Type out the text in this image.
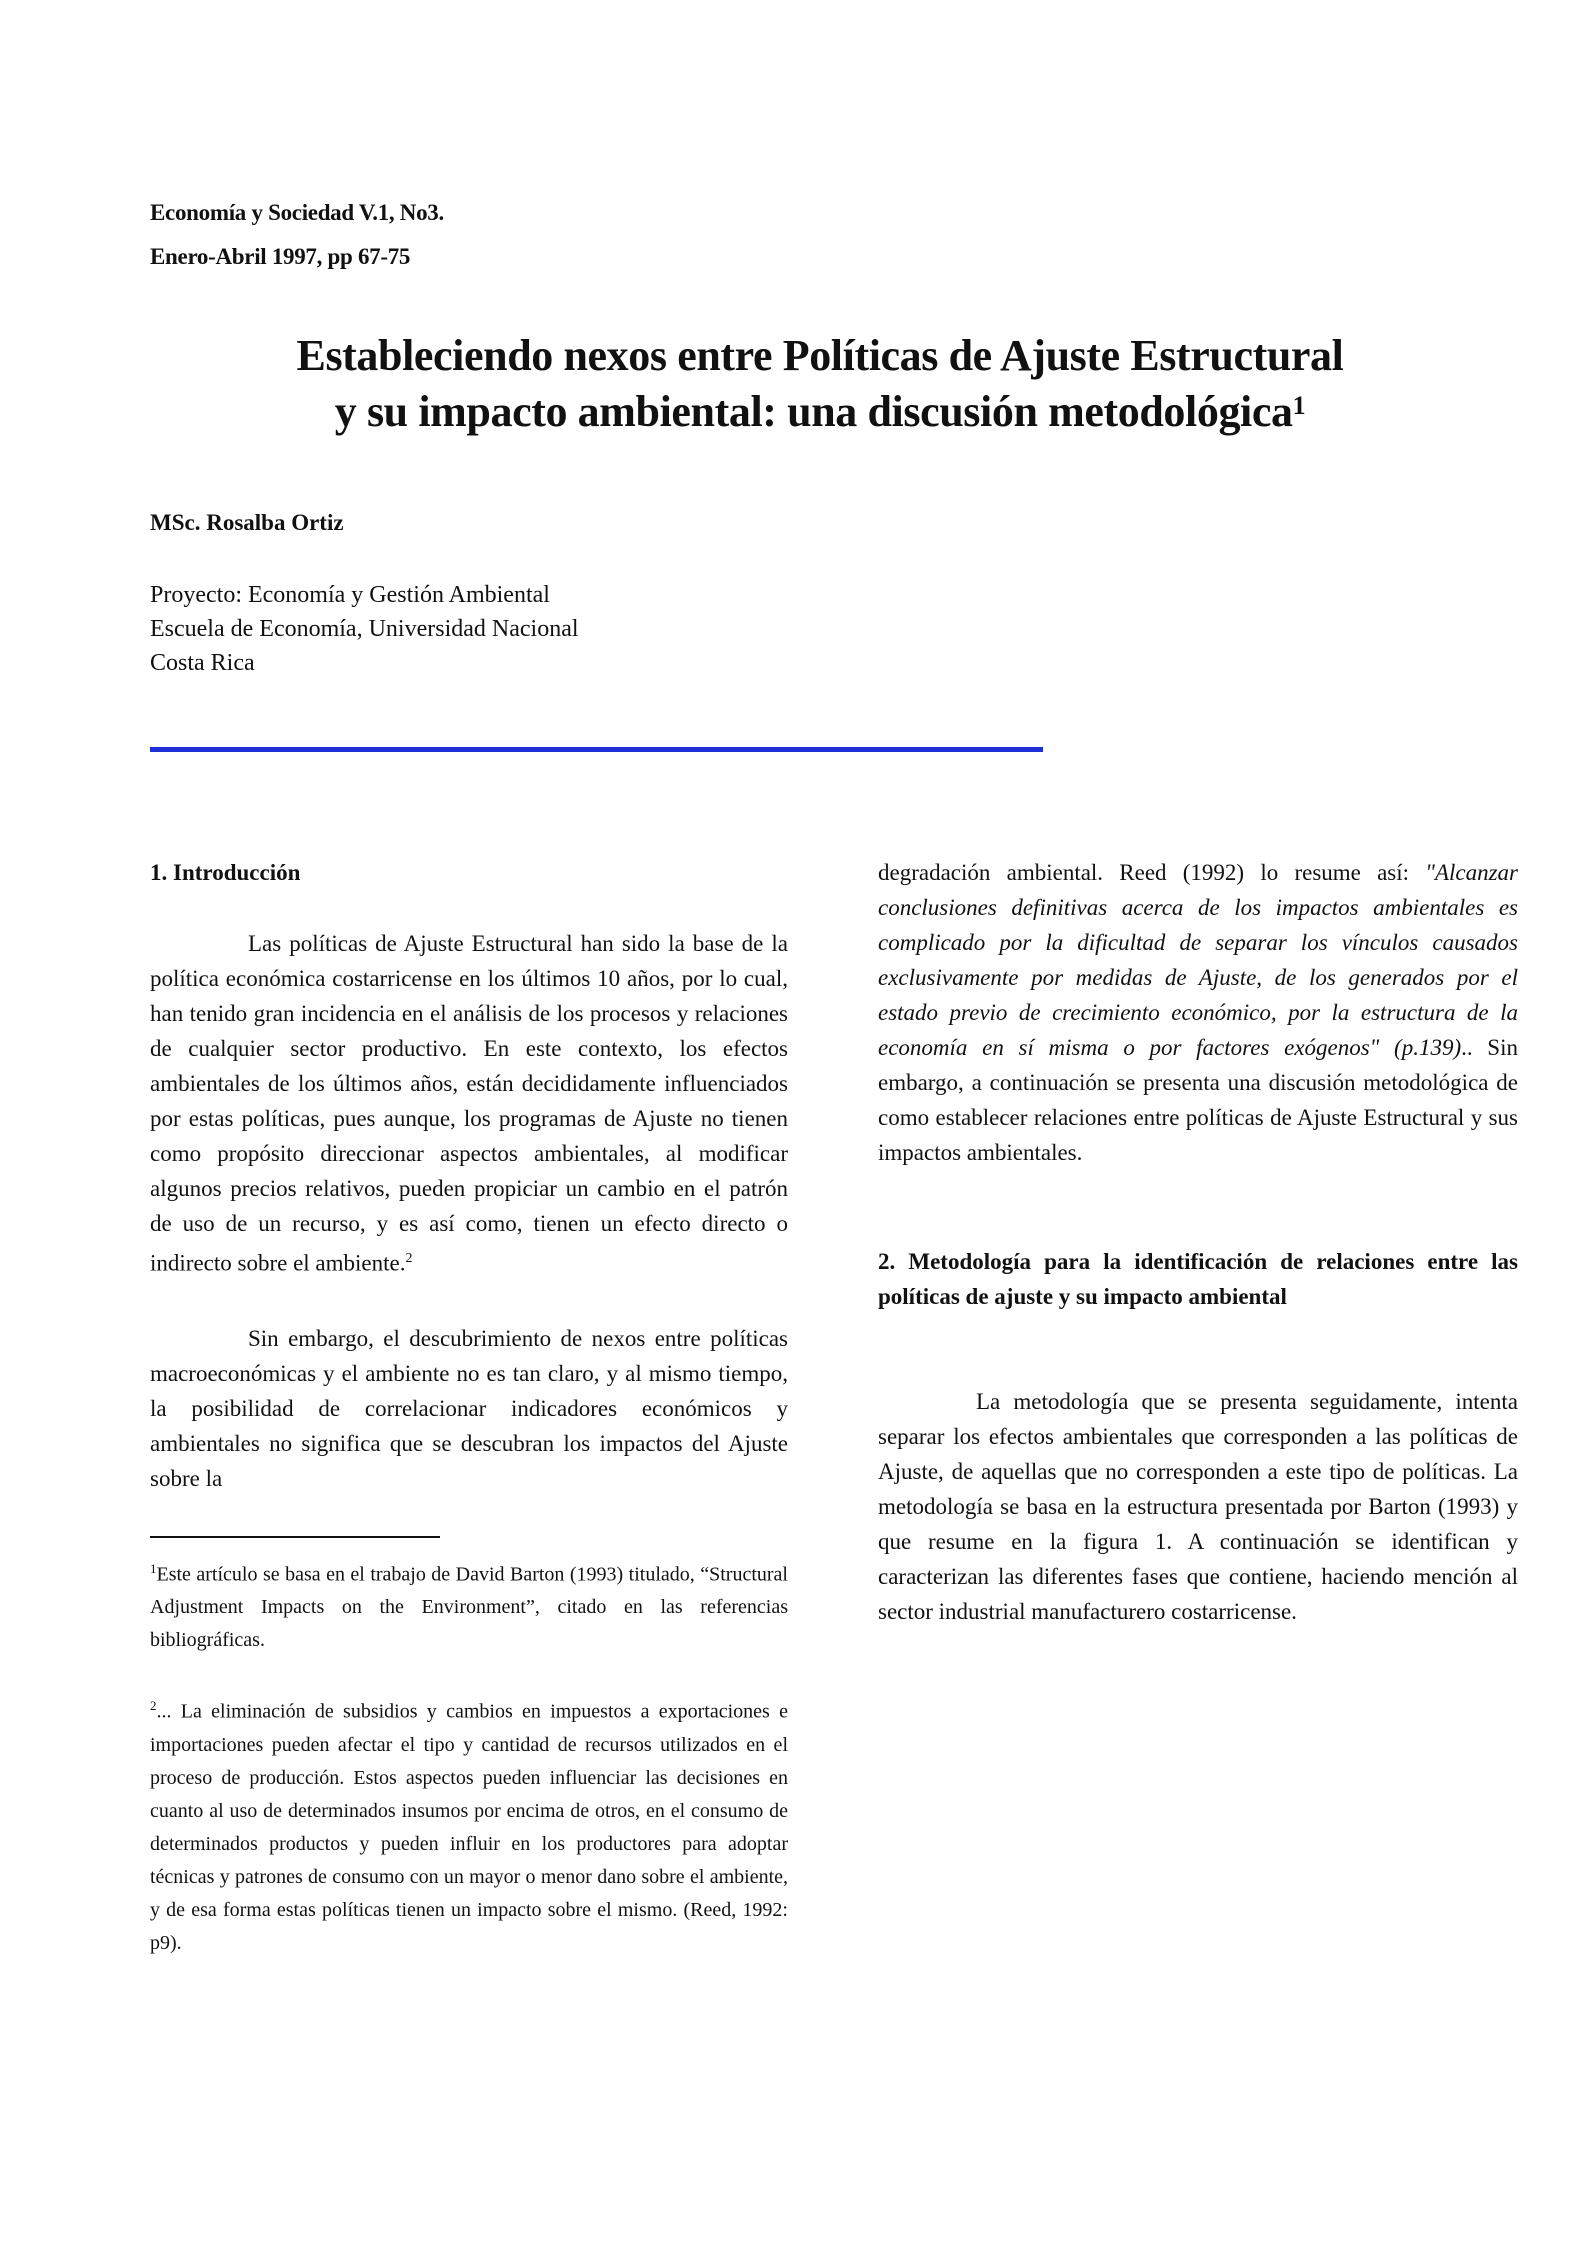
Economía y Sociedad V.1, No3.
Enero-Abril 1997, pp 67-75
Estableciendo nexos entre Políticas de Ajuste Estructural
y su impacto ambiental: una discusión metodológica$^1$
MSc. Rosalba Ortiz
Proyecto: Economía y Gestión Ambiental
Escuela de Economía, Universidad Nacional
Costa Rica
1. Introducción

Las políticas de Ajuste Estructural han sido la base de la política económica costarricense en los últimos 10 años, por lo cual, han tenido gran incidencia en el análisis de los procesos y relaciones de cualquier sector productivo. En este contexto, los efectos ambientales de los últimos años, están decididamente influenciados por estas políticas, pues aunque, los programas de Ajuste no tienen como propósito direccionar aspectos ambientales, al modificar algunos precios relativos, pueden propiciar un cambio en el patrón de uso de un recurso, y es así como, tienen un efecto directo o indirecto sobre el ambiente.$^2$

Sin embargo, el descubrimiento de nexos entre políticas macroeconómicas y el ambiente no es tan claro, y al mismo tiempo, la posibilidad de correlacionar indicadores económicos y ambientales no significa que se descubran los impactos del Ajuste sobre la

$^1$Este artículo se basa en el trabajo de David Barton (1993) titulado, “Structural Adjustment Impacts on the Environment”, citado en las referencias bibliográficas.

$^2$... La eliminación de subsidios y cambios en impuestos a exportaciones e importaciones pueden afectar el tipo y cantidad de recursos utilizados en el proceso de producción. Estos aspectos pueden influenciar las decisiones en cuanto al uso de determinados insumos por encima de otros, en el consumo de determinados productos y pueden influir en los productores para adoptar técnicas y patrones de consumo con un mayor o menor dano sobre el ambiente, y de esa forma estas políticas tienen un impacto sobre el mismo. (Reed, 1992: p9).

degradación ambiental. Reed (1992) lo resume así: "Alcanzar conclusiones definitivas acerca de los impactos ambientales es complicado por la dificultad de separar los vínculos causados exclusivamente por medidas de Ajuste, de los generados por el estado previo de crecimiento económico, por la estructura de la economía en sí misma o por factores exógenos" (p.139).. Sin embargo, a continuación se presenta una discusión metodológica de como establecer relaciones entre políticas de Ajuste Estructural y sus impactos ambientales.

2. Metodología para la identificación de relaciones entre las políticas de ajuste y su impacto ambiental

La metodología que se presenta seguidamente, intenta separar los efectos ambientales que corresponden a las políticas de Ajuste, de aquellas que no corresponden a este tipo de políticas. La metodología se basa en la estructura presentada por Barton (1993) y que resume en la figura 1. A continuación se identifican y caracterizan las diferentes fases que contiene, haciendo mención al sector industrial manufacturero costarricense.
